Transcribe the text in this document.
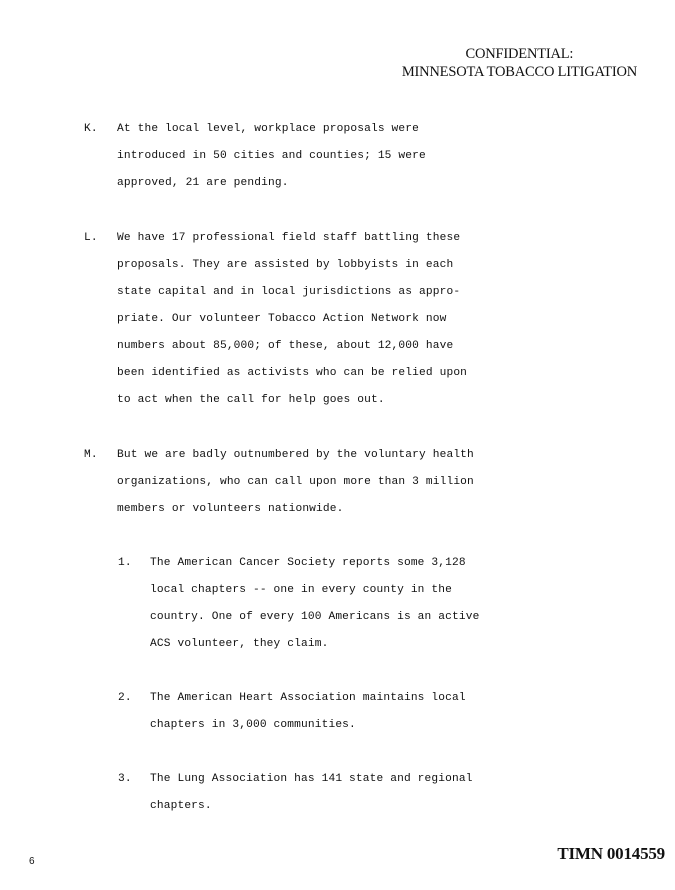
CONFIDENTIAL:
MINNESOTA TOBACCO LITIGATION
K. At the local level, workplace proposals were
introduced in 50 cities and counties; 15 were
approved, 21 are pending.
L. We have 17 professional field staff battling these
proposals. They are assisted by lobbyists in each
state capital and in local jurisdictions as appro-
priate. Our volunteer Tobacco Action Network now
numbers about 85,000; of these, about 12,000 have
been identified as activists who can be relied upon
to act when the call for help goes out.
M. But we are badly outnumbered by the voluntary health
organizations, who can call upon more than 3 million
members or volunteers nationwide.
1. The American Cancer Society reports some 3,128
local chapters -- one in every county in the
country. One of every 100 Americans is an active
ACS volunteer, they claim.
2. The American Heart Association maintains local
chapters in 3,000 communities.
3. The Lung Association has 141 state and regional
chapters.
6	TIMN 0014559
